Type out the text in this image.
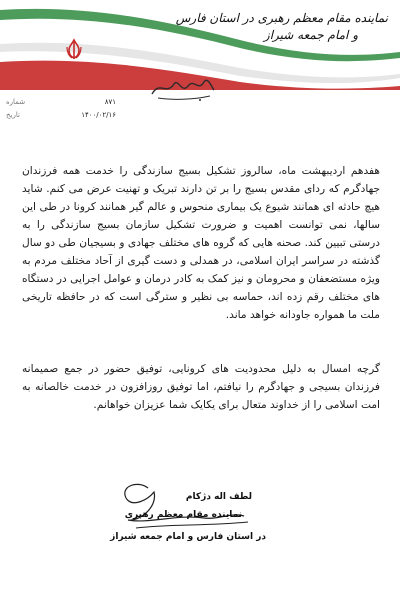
نماینده مقام معظم رهبری در استان فارس
و امام جمعه شیراز
شماره	۸۷۱
تاریخ	۱۴۰۰/۰۲/۱۶

هفدهم اردیبهشت ماه، سالروز تشکیل بسیج سازندگی را خدمت همه فرزندان جهادگرم که ردای مقدس بسیج را بر تن دارند تبریک و تهنیت عرض می کنم. شاید هیچ حادثه ای همانند شیوع یک بیماری منحوس و عالم گیر همانند کرونا در طی این سالها، نمی توانست اهمیت و ضرورت تشکیل سازمان بسیج سازندگی را به درستی تبیین کند. صحنه هایی که گروه های مختلف جهادی و بسیجیان طی دو سال گذشته در سراسر ایران اسلامی، در همدلی و دست گیری از آحاد مختلف مردم به ویژه مستضعفان و محرومان و نیز کمک به کادر درمان و عوامل اجرایی در دستگاه های مختلف رقم زده اند، حماسه بی نظیر و سترگی است که در حافظه تاریخی ملت ما همواره جاودانه خواهد ماند.

گرچه امسال به دلیل محدودیت های کرونایی، توفیق حضور در جمع صمیمانه فرزندان بسیجی و جهادگرم را نیافتم، اما توفیق روزافزون در خدمت خالصانه به امت اسلامی را از خداوند متعال برای یکایک شما عزیزان خواهانم.

لطف اله دژکام
نماینده مقام معظم رهبری
در استان فارس و امام جمعه شیراز
